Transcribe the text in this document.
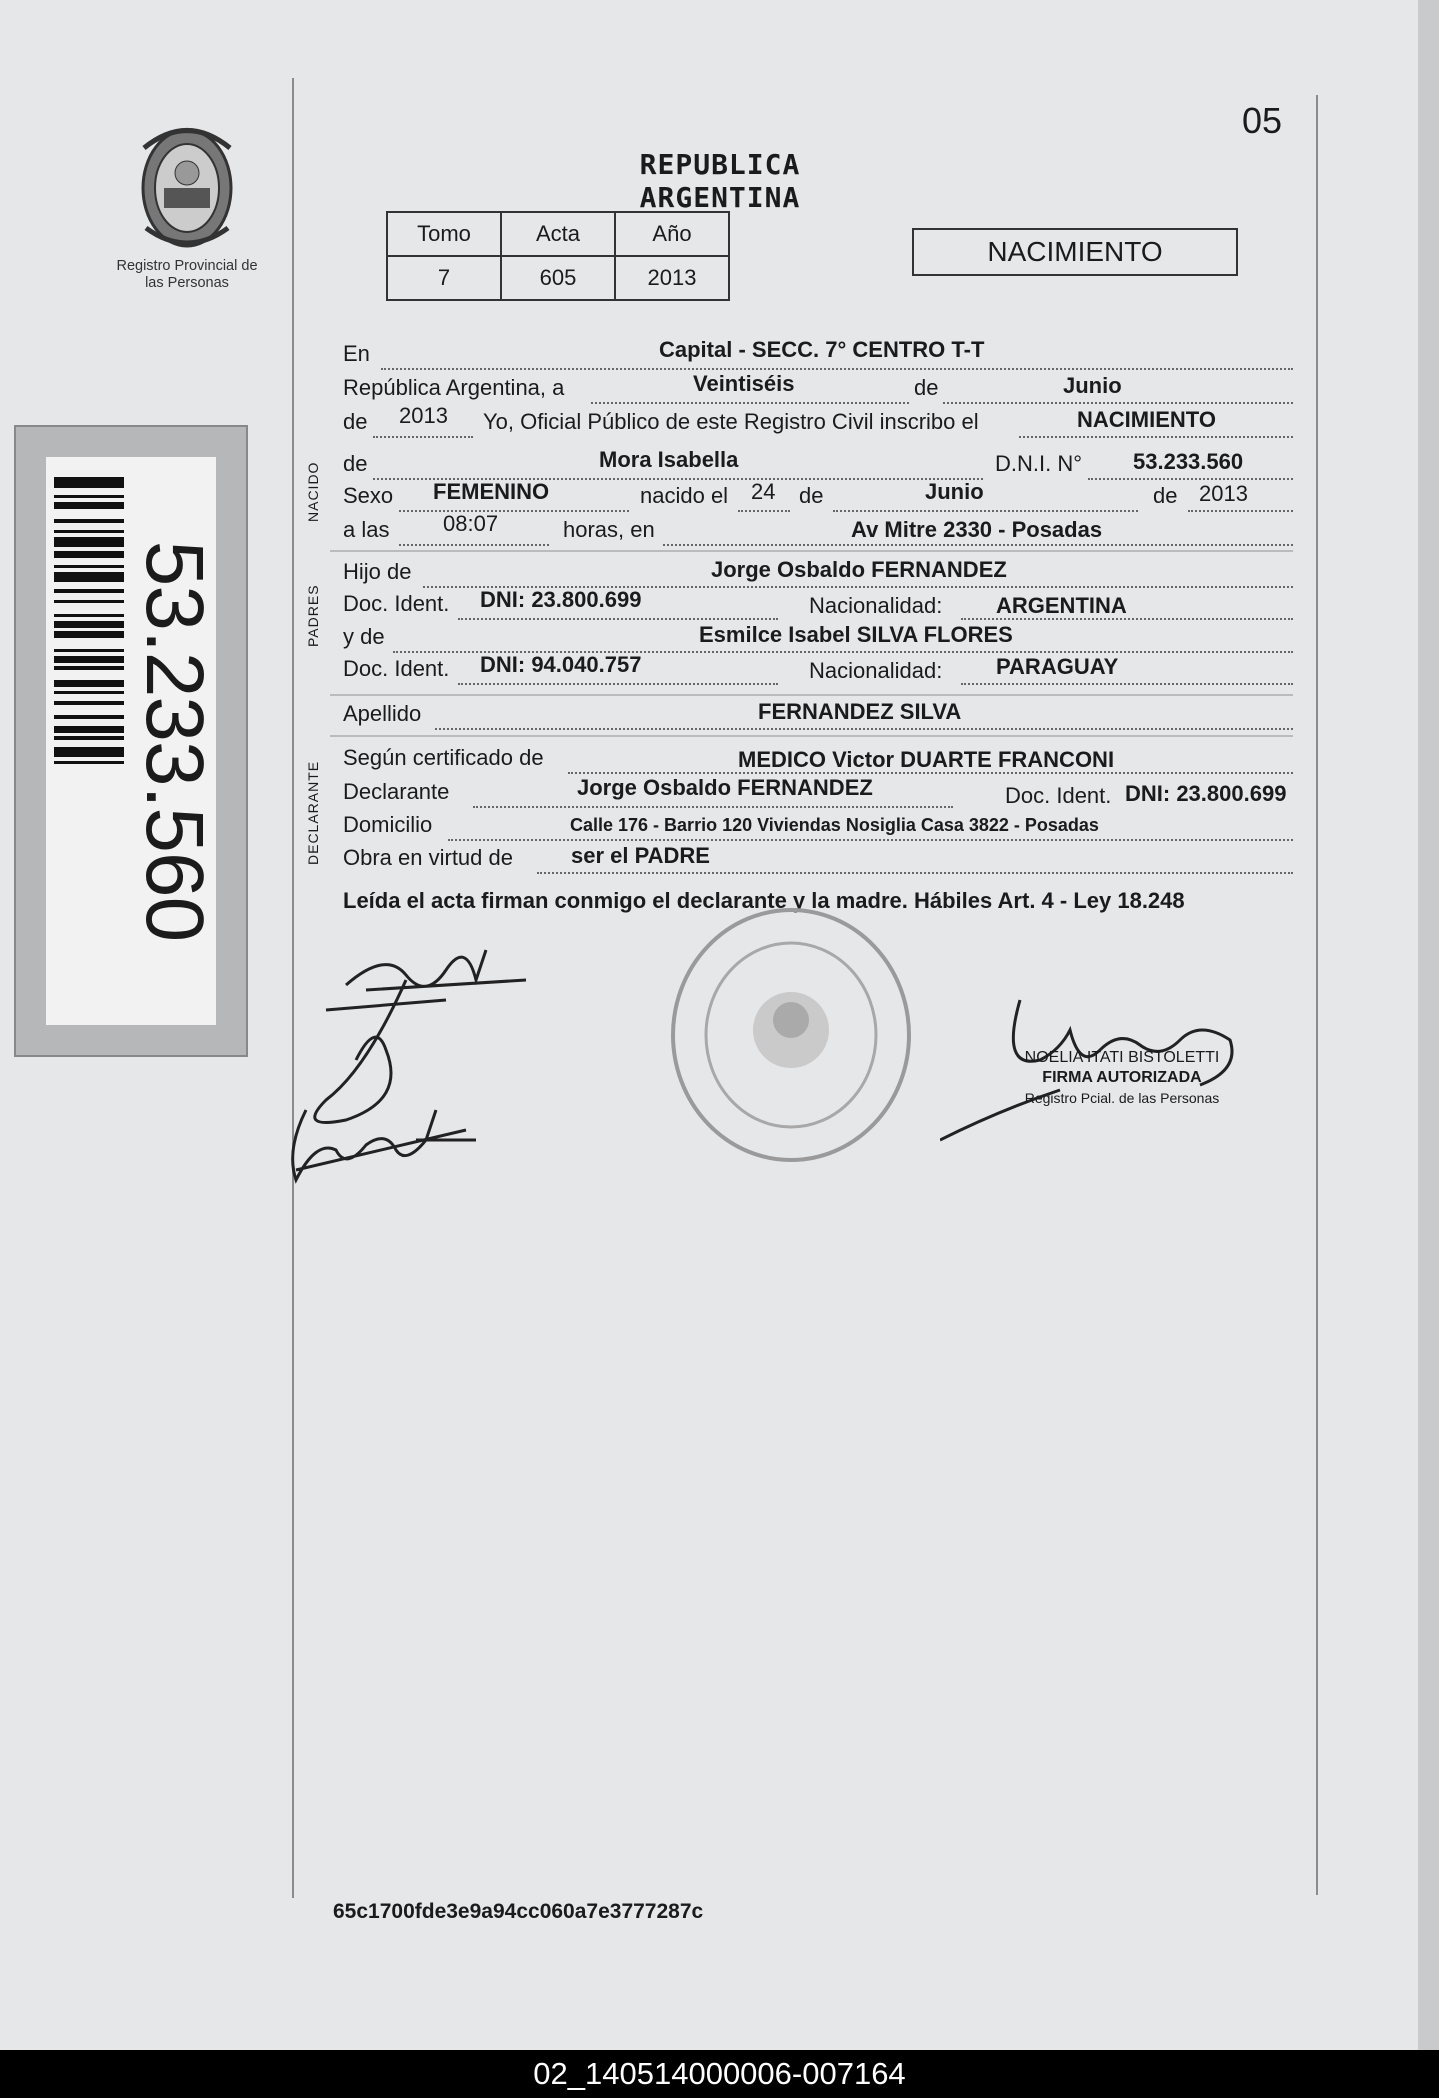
Registro Provincial de las Personas
53.233.560
05
REPUBLICA ARGENTINA
Tomo	Acta	Año
7	605	2013
NACIMIENTO
NACIDO
PADRES
DECLARANTE
En	Capital - SECC. 7° CENTRO T-T
República Argentina, a	Veintiséis	de	Junio
de 2013 Yo, Oficial Público de este Registro Civil inscribo el	NACIMIENTO
de	Mora Isabella	D.N.I. N° 53.233.560
Sexo FEMENINO	nacido el 24 de	Junio	de 2013
a las 08:07	horas, en	Av Mitre 2330 - Posadas
Hijo de	Jorge Osbaldo FERNANDEZ
Doc. Ident. DNI: 23.800.699	Nacionalidad: ARGENTINA
y de	Esmilce Isabel SILVA FLORES
Doc. Ident. DNI: 94.040.757	Nacionalidad: PARAGUAY
Apellido	FERNANDEZ SILVA
Según certificado de	MEDICO Victor DUARTE FRANCONI
Declarante	Jorge Osbaldo FERNANDEZ	Doc. Ident. DNI: 23.800.699
Domicilio	Calle 176 - Barrio 120 Viviendas Nosiglia Casa 3822 - Posadas
Obra en virtud de	ser el PADRE
Leída el acta firman conmigo el declarante y la madre. Hábiles Art. 4 - Ley 18.248
NOELIA ITATI BISTOLETTI
FIRMA AUTORIZADA
Registro Pcial. de las Personas
65c1700fde3e9a94cc060a7e3777287c
02_140514000006-007164
